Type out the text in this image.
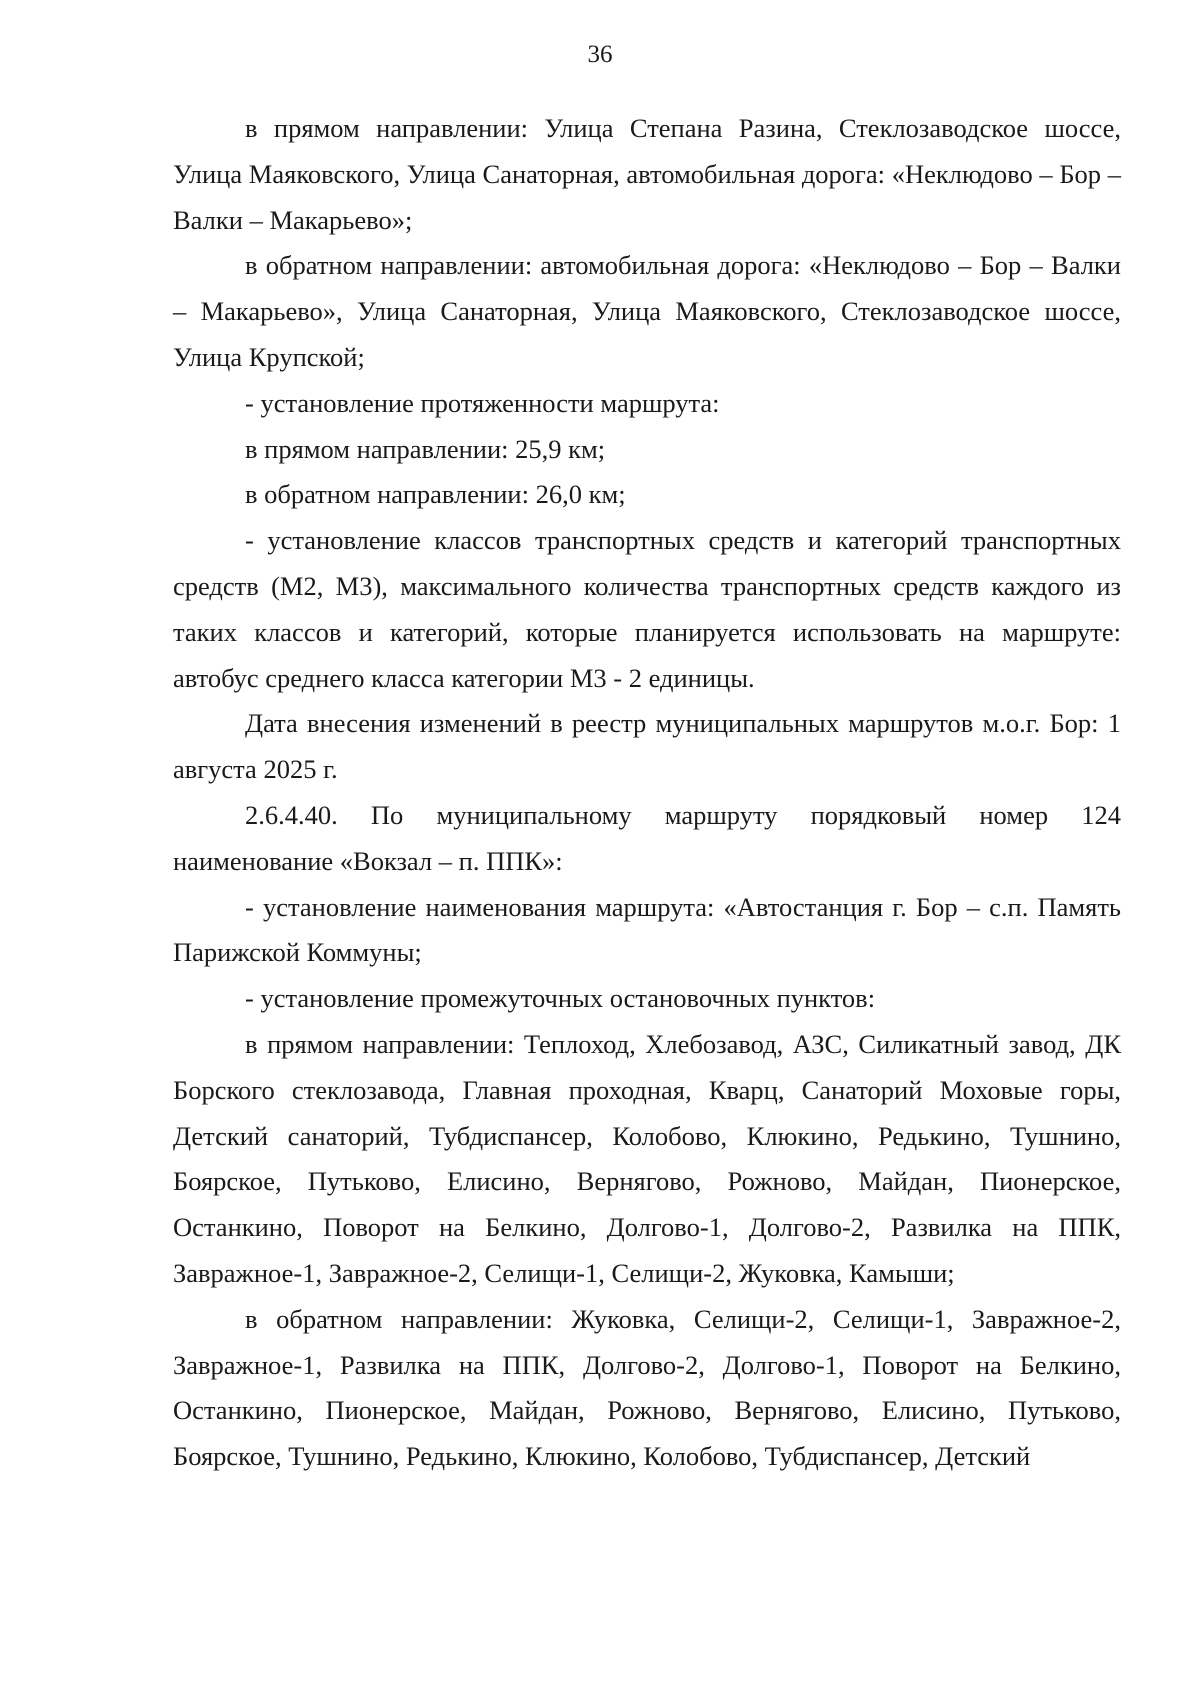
36

в прямом направлении: Улица Степана Разина, Стеклозаводское шоссе, Улица Маяковского, Улица Санаторная, автомобильная дорога: «Неклюдово – Бор – Валки – Макарьево»;

в обратном направлении: автомобильная дорога: «Неклюдово – Бор – Валки – Макарьево», Улица Санаторная, Улица Маяковского, Стеклозаводское шоссе, Улица Крупской;

- установление протяженности маршрута:

в прямом направлении: 25,9 км;

в обратном направлении: 26,0 км;

- установление классов транспортных средств и категорий транспортных средств (М2, М3), максимального количества транспортных средств каждого из таких классов и категорий, которые планируется использовать на маршруте: автобус среднего класса категории М3 - 2 единицы.

Дата внесения изменений в реестр муниципальных маршрутов м.о.г. Бор: 1 августа 2025 г.

2.6.4.40. По муниципальному маршруту порядковый номер 124 наименование «Вокзал – п. ППК»:

- установление наименования маршрута: «Автостанция г. Бор – с.п. Память Парижской Коммуны;

- установление промежуточных остановочных пунктов:

в прямом направлении: Теплоход, Хлебозавод, АЗС, Силикатный завод, ДК Борского стеклозавода, Главная проходная, Кварц, Санаторий Моховые горы, Детский санаторий, Тубдиспансер, Колобово, Клюкино, Редькино, Тушнино, Боярское, Путьково, Елисино, Вернягово, Рожново, Майдан, Пионерское, Останкино, Поворот на Белкино, Долгово-1, Долгово-2, Развилка на ППК, Завражное-1, Завражное-2, Селищи-1, Селищи-2, Жуковка, Камыши;

в обратном направлении: Жуковка, Селищи-2, Селищи-1, Завражное-2, Завражное-1, Развилка на ППК, Долгово-2, Долгово-1, Поворот на Белкино, Останкино, Пионерское, Майдан, Рожново, Вернягово, Елисино, Путьково, Боярское, Тушнино, Редькино, Клюкино, Колобово, Тубдиспансер, Детский
